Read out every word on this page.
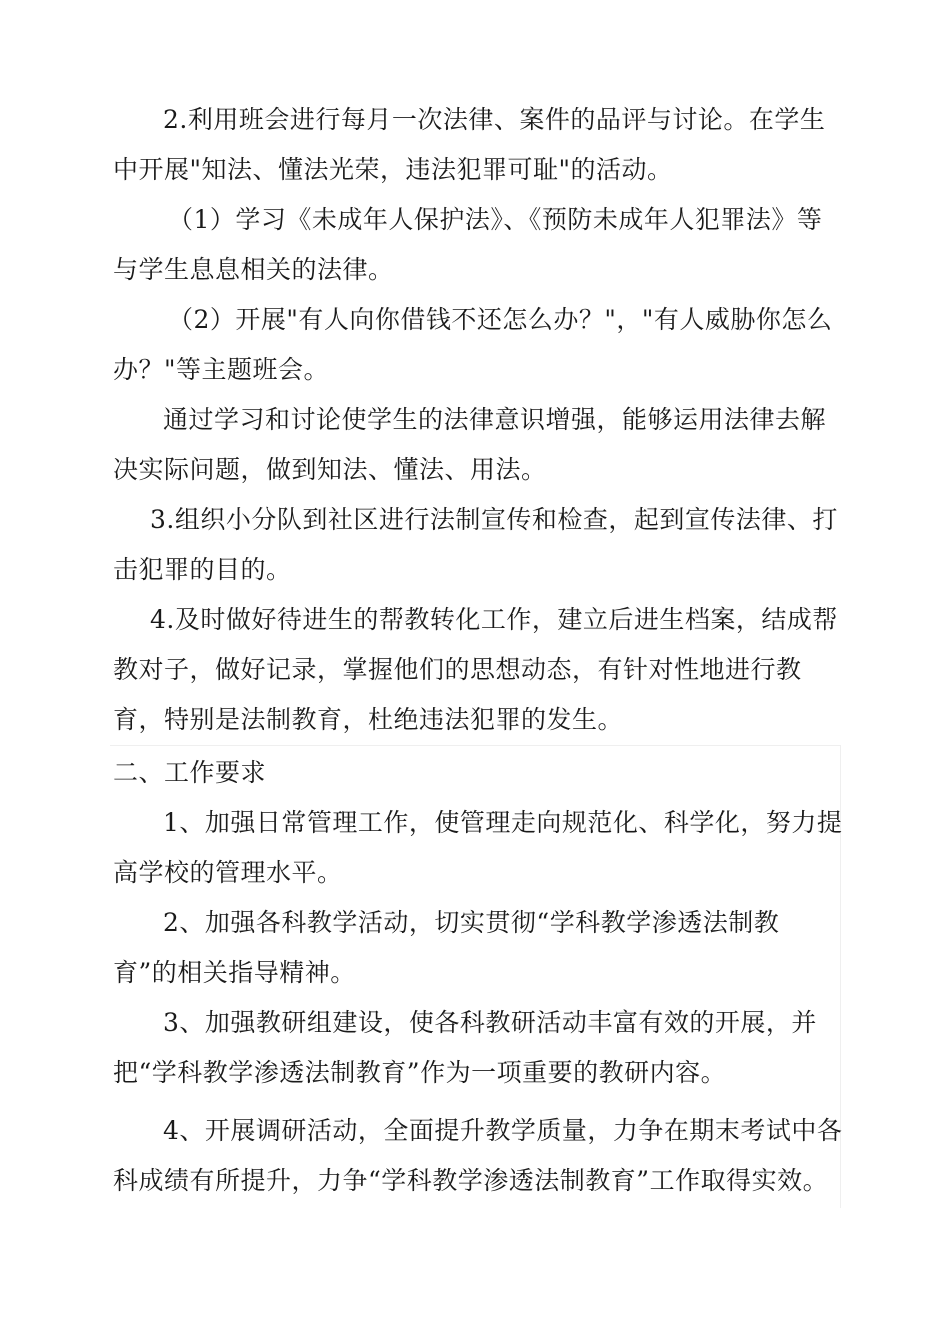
2.利用班会进行每月一次法律、案件的品评与讨论。在学生中开展"知法、懂法光荣，违法犯罪可耻"的活动。
（1）学习《未成年人保护法》、《预防未成年人犯罪法》等与学生息息相关的法律。
（2）开展"有人向你借钱不还怎么办？"，"有人威胁你怎么办？"等主题班会。
通过学习和讨论使学生的法律意识增强，能够运用法律去解决实际问题，做到知法、懂法、用法。
3.组织小分队到社区进行法制宣传和检查，起到宣传法律、打击犯罪的目的。
4.及时做好待进生的帮教转化工作，建立后进生档案，结成帮教对子，做好记录，掌握他们的思想动态，有针对性地进行教育，特别是法制教育，杜绝违法犯罪的发生。
二、工作要求
1、加强日常管理工作，使管理走向规范化、科学化，努力提高学校的管理水平。
2、加强各科教学活动，切实贯彻“学科教学渗透法制教育”的相关指导精神。
3、加强教研组建设，使各科教研活动丰富有效的开展，并把“学科教学渗透法制教育”作为一项重要的教研内容。
4、开展调研活动，全面提升教学质量，力争在期末考试中各科成绩有所提升，力争“学科教学渗透法制教育”工作取得实效。
